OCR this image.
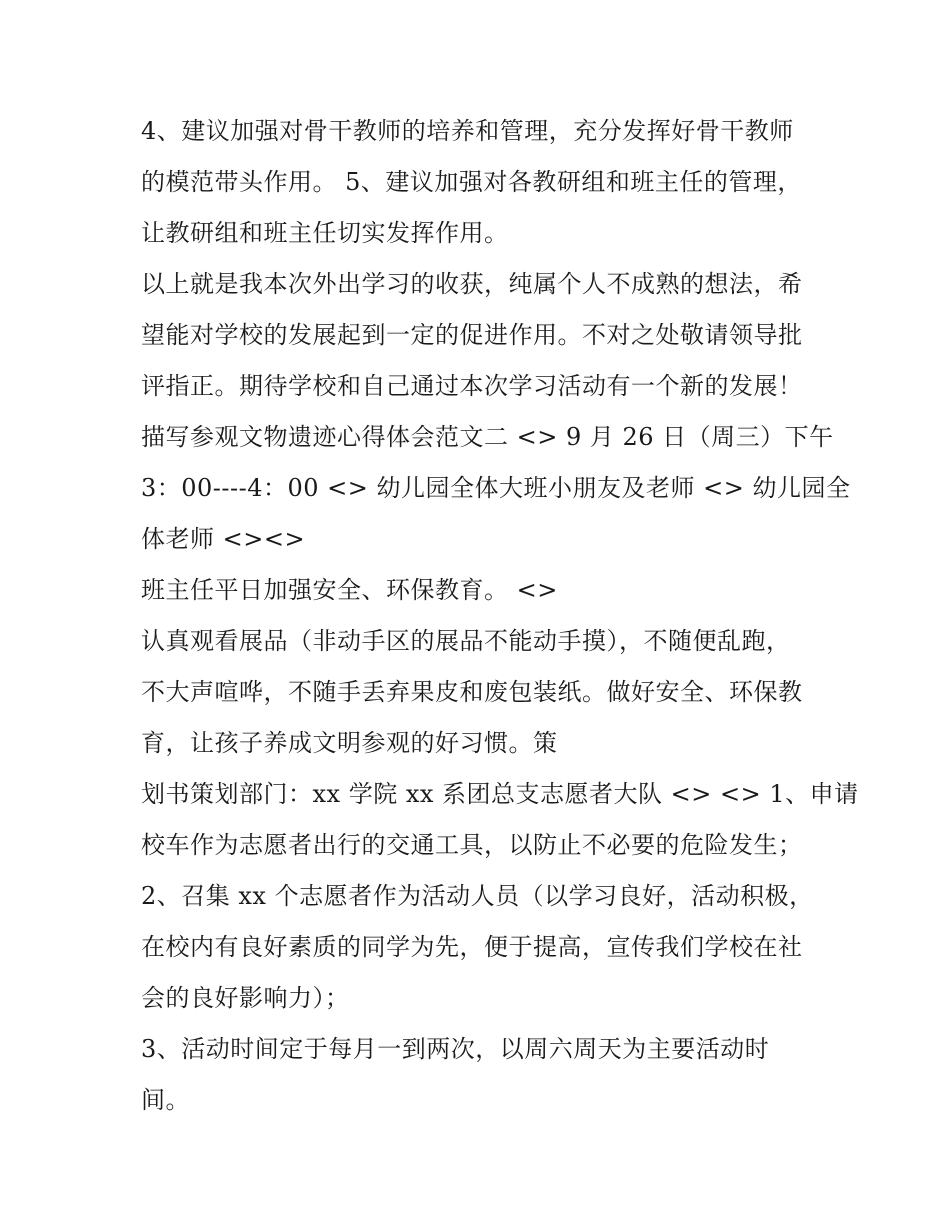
4、建议加强对骨干教师的培养和管理，充分发挥好骨干教师
的模范带头作用。 5、建议加强对各教研组和班主任的管理，
让教研组和班主任切实发挥作用。
以上就是我本次外出学习的收获，纯属个人不成熟的想法，希
望能对学校的发展起到一定的促进作用。不对之处敬请领导批
评指正。期待学校和自己通过本次学习活动有一个新的发展！
描写参观文物遗迹心得体会范文二 <> 9 月 26 日（周三）下午
3：00----4：00 <> 幼儿园全体大班小朋友及老师 <> 幼儿园全
体老师 <><>
班主任平日加强安全、环保教育。 <>
认真观看展品（非动手区的展品不能动手摸），不随便乱跑，
不大声喧哗，不随手丢弃果皮和废包装纸。做好安全、环保教
育，让孩子养成文明参观的好习惯。策
划书策划部门：xx 学院 xx 系团总支志愿者大队 <> <> 1、申请
校车作为志愿者出行的交通工具，以防止不必要的危险发生；
2、召集 xx 个志愿者作为活动人员（以学习良好，活动积极，
在校内有良好素质的同学为先，便于提高，宣传我们学校在社
会的良好影响力）；
3、活动时间定于每月一到两次，以周六周天为主要活动时
间。
